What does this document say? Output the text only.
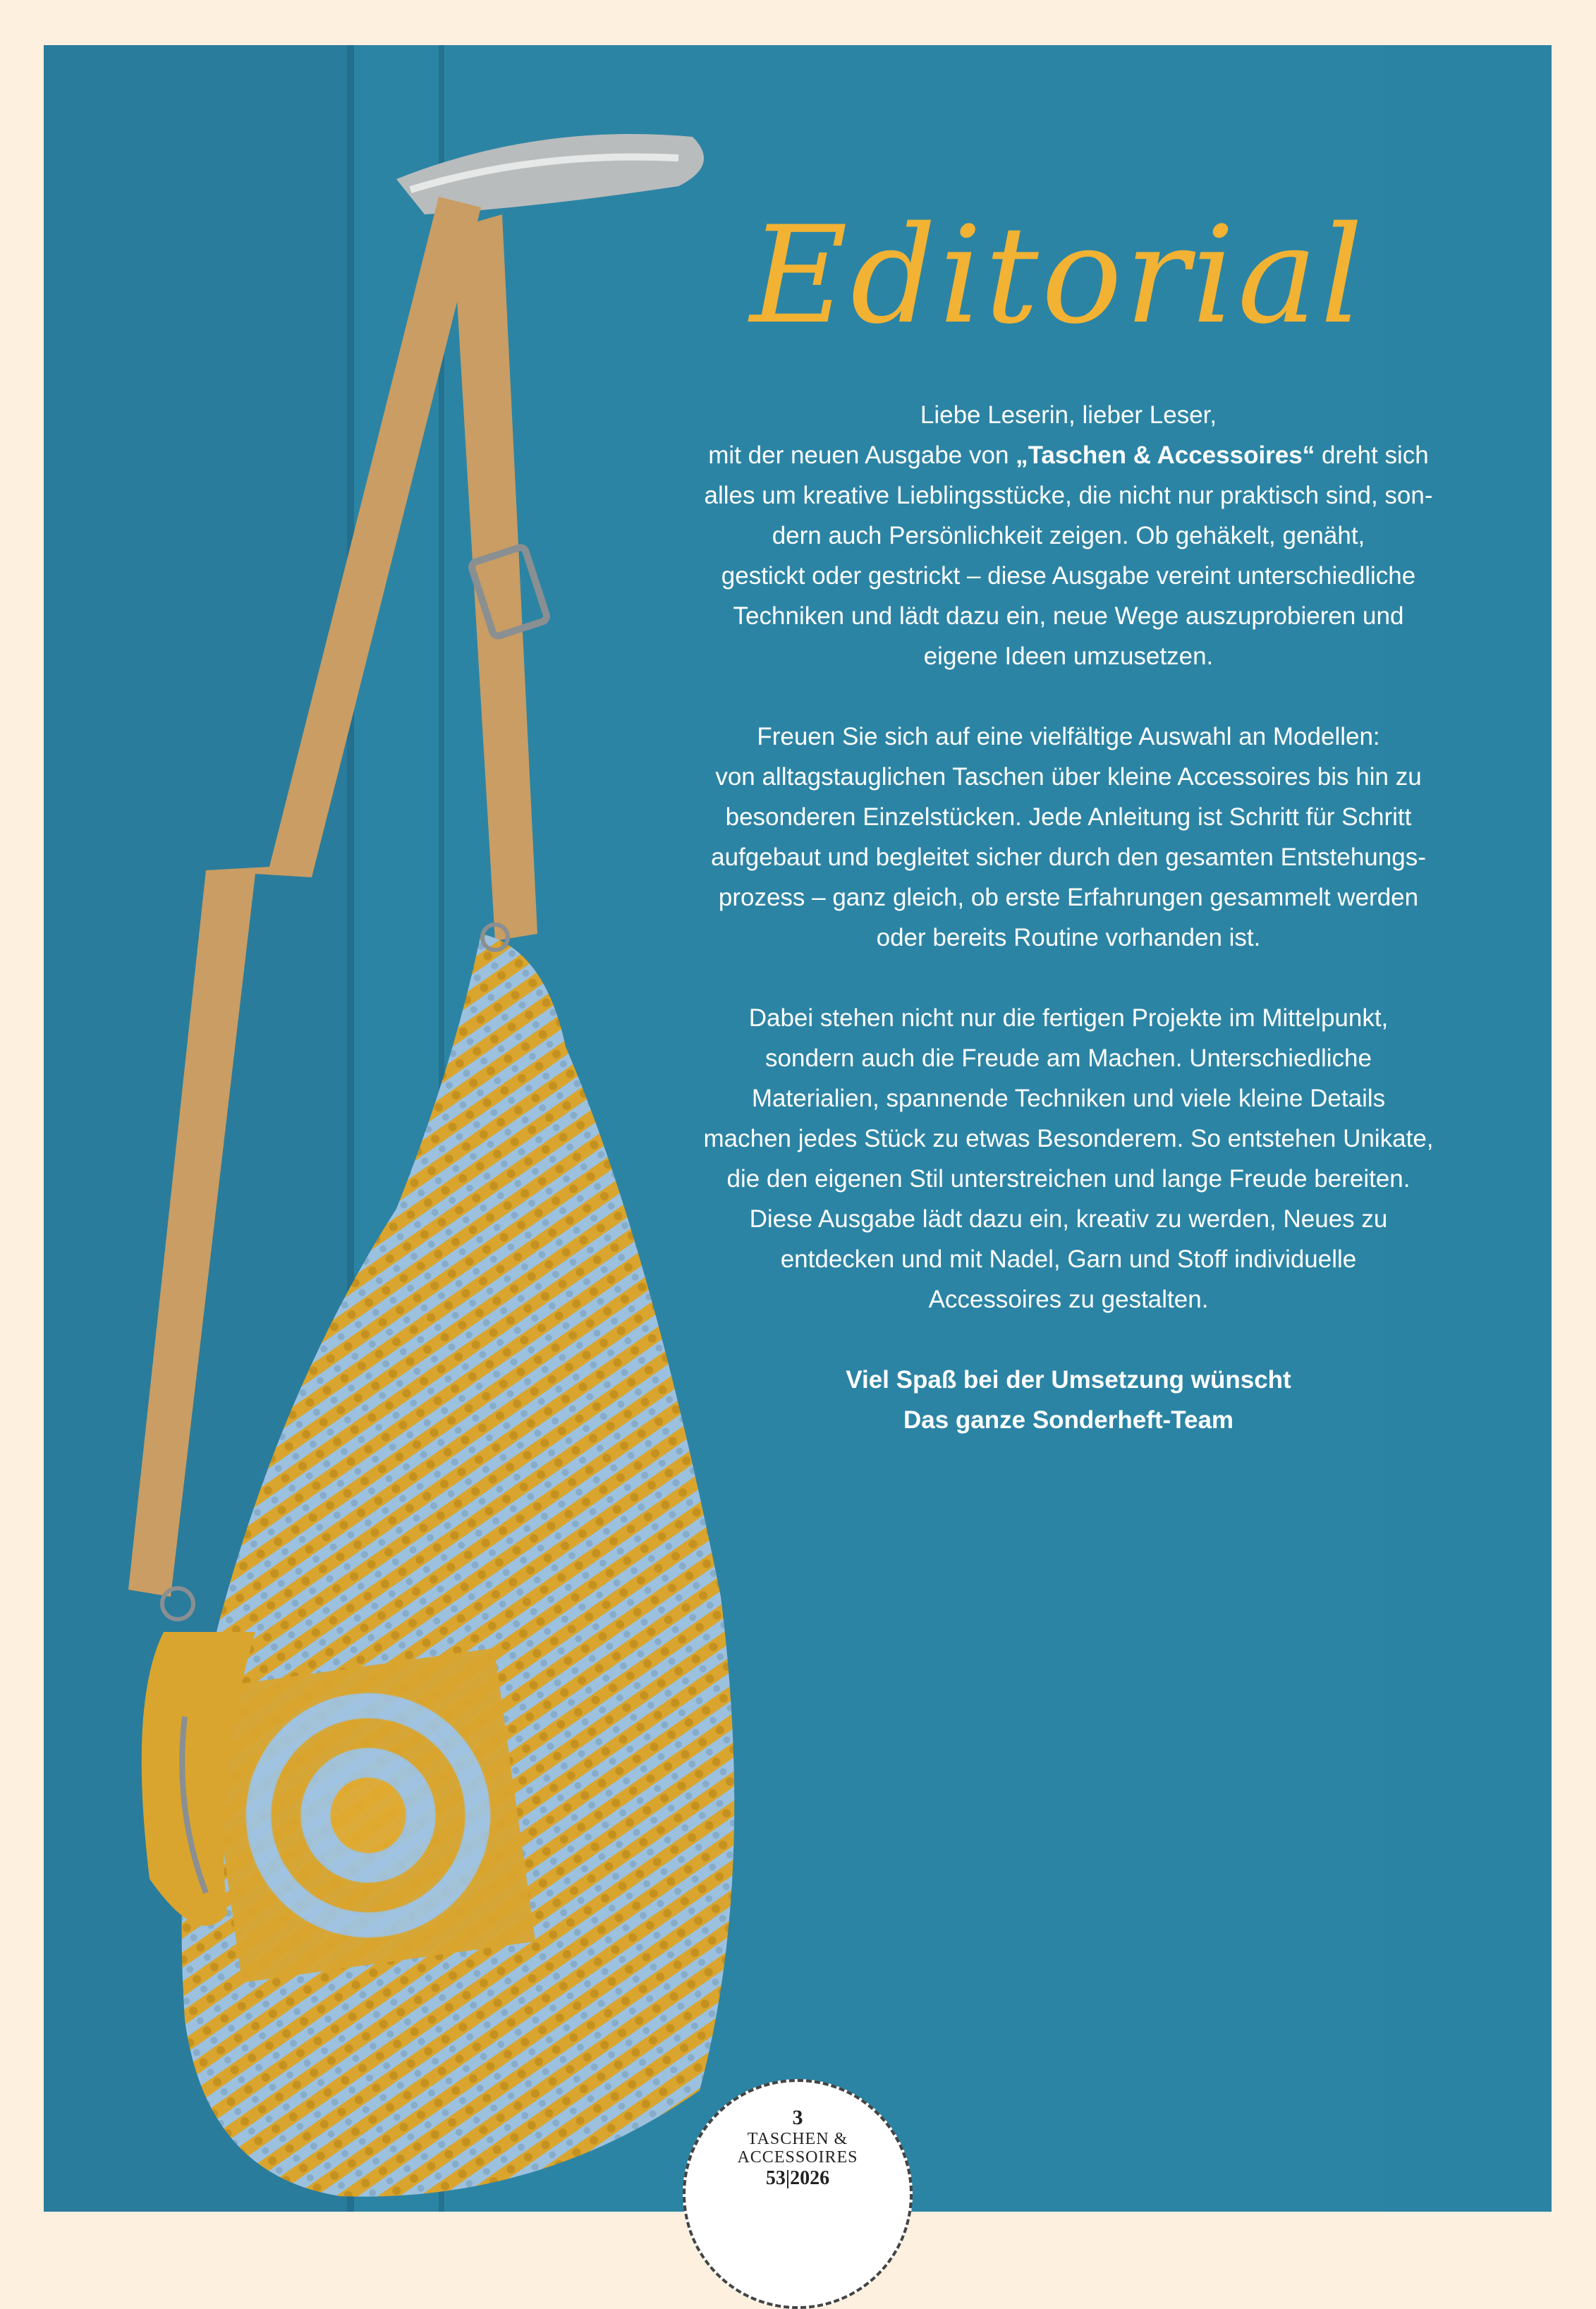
Editorial

Liebe Leserin, lieber Leser,
mit der neuen Ausgabe von „Taschen & Accessoires“ dreht sich
alles um kreative Lieblingsstücke, die nicht nur praktisch sind, son-
dern auch Persönlichkeit zeigen. Ob gehäkelt, genäht,
gestickt oder gestrickt – diese Ausgabe vereint unterschiedliche
Techniken und lädt dazu ein, neue Wege auszuprobieren und
eigene Ideen umzusetzen.

Freuen Sie sich auf eine vielfältige Auswahl an Modellen:
von alltagstauglichen Taschen über kleine Accessoires bis hin zu
besonderen Einzelstücken. Jede Anleitung ist Schritt für Schritt
aufgebaut und begleitet sicher durch den gesamten Entstehungs-
prozess – ganz gleich, ob erste Erfahrungen gesammelt werden
oder bereits Routine vorhanden ist.

Dabei stehen nicht nur die fertigen Projekte im Mittelpunkt,
sondern auch die Freude am Machen. Unterschiedliche
Materialien, spannende Techniken und viele kleine Details
machen jedes Stück zu etwas Besonderem. So entstehen Unikate,
die den eigenen Stil unterstreichen und lange Freude bereiten.
Diese Ausgabe lädt dazu ein, kreativ zu werden, Neues zu
entdecken und mit Nadel, Garn und Stoff individuelle
Accessoires zu gestalten.

Viel Spaß bei der Umsetzung wünscht
Das ganze Sonderheft-Team

3
TASCHEN &
ACCESSOIRES
53|2026
